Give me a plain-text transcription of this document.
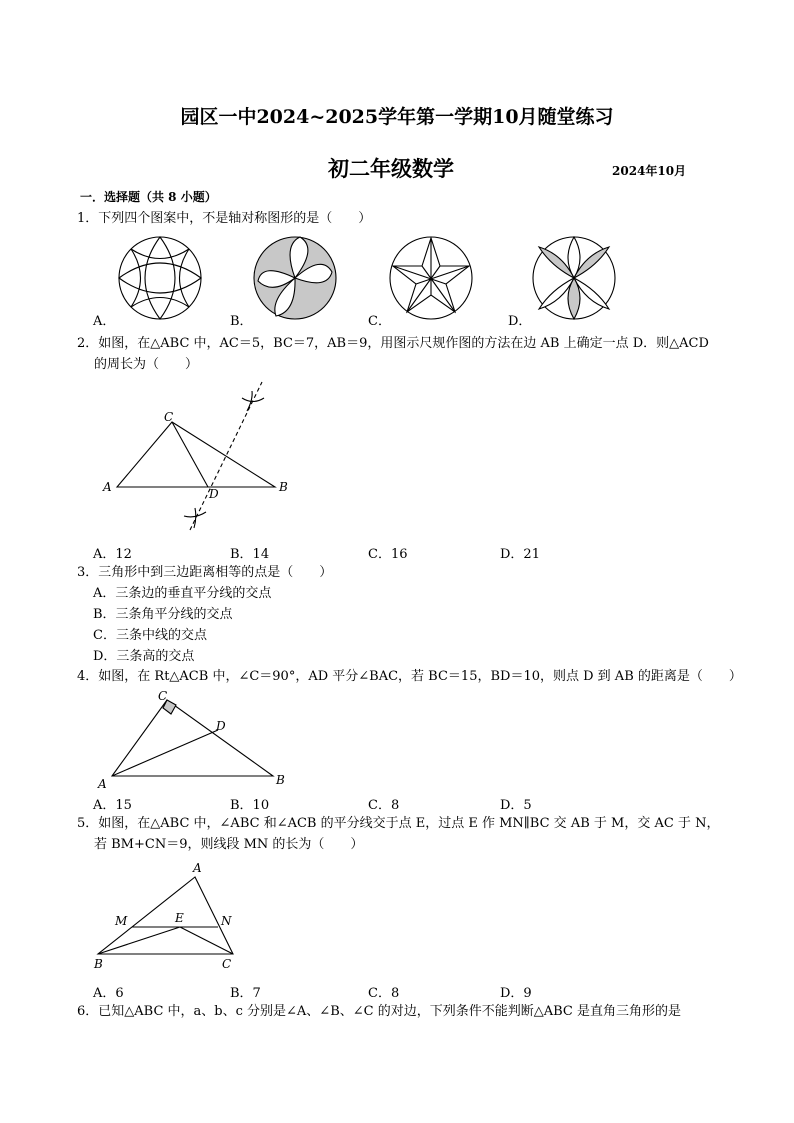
园区一中2024~2025学年第一学期10月随堂练习
初二年级数学	2024年10月
一．选择题（共 8 小题）
1．下列四个图案中，不是轴对称图形的是（　　）
A．	B．	C．	D．
C
A	D	B
C
D
A	B
A
M	E	N
B	C
2．如图，在△ABC 中，AC＝5，BC＝7，AB＝9，用图示尺规作图的方法在边 AB 上确定一点 D．则△ACD
的周长为（　　）
A．12	B．14	C．16	D．21
3．三角形中到三边距离相等的点是（　　）
A．三条边的垂直平分线的交点
B．三条角平分线的交点
C．三条中线的交点
D．三条高的交点
4．如图，在 Rt△ACB 中，∠C＝90°，AD 平分∠BAC，若 BC＝15，BD＝10，则点 D 到 AB 的距离是（　　）
A．15	B．10	C．8	D．5
5．如图，在△ABC 中，∠ABC 和∠ACB 的平分线交于点 E，过点 E 作 MN∥BC 交 AB 于 M，交 AC 于 N，
若 BM+CN＝9，则线段 MN 的长为（　　）
A．6	B．7	C．8	D．9
6．已知△ABC 中，a、b、c 分别是∠A、∠B、∠C 的对边，下列条件不能判断△ABC 是直角三角形的是
